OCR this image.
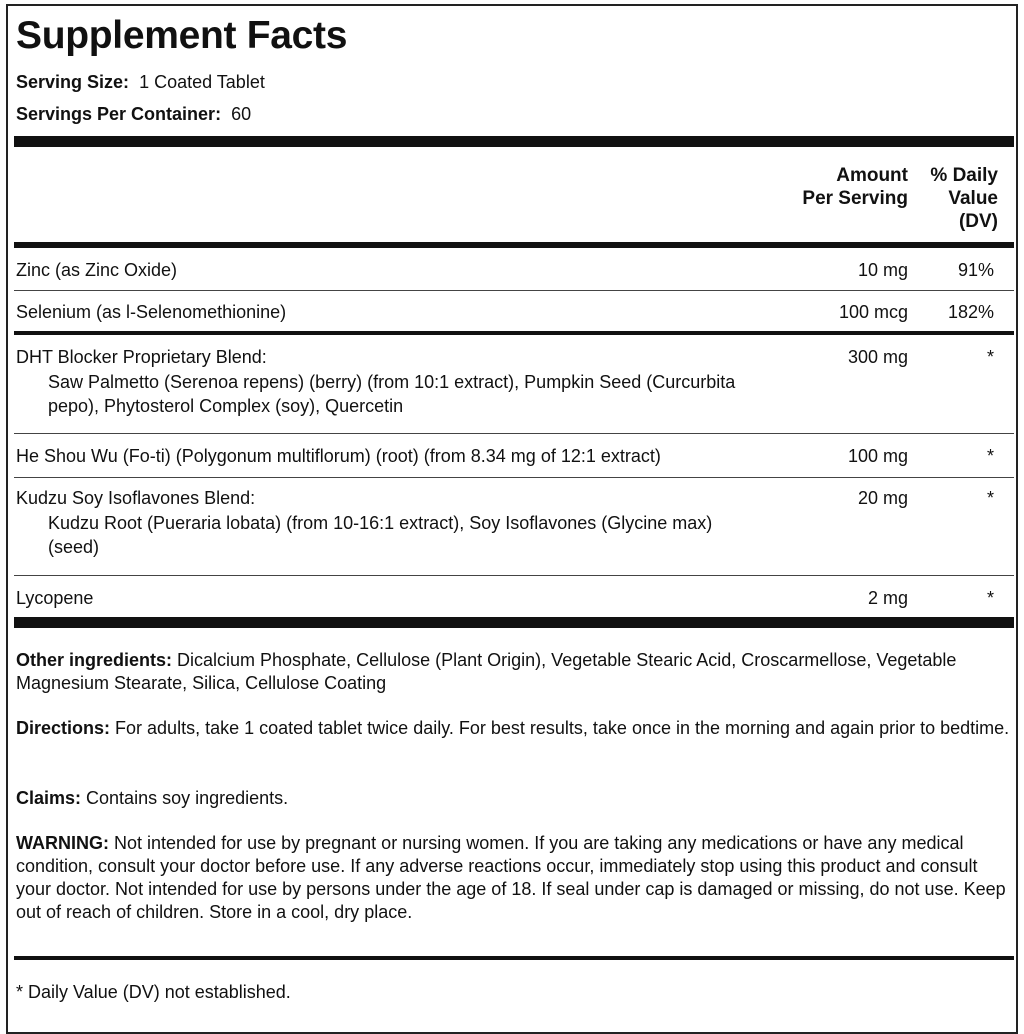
Supplement Facts
Serving Size: 1 Coated Tablet
Servings Per Container: 60
Amount
Per Serving
% Daily
Value
(DV)
Zinc (as Zinc Oxide)	10 mg	91%
Selenium (as l-Selenomethionine)	100 mcg 182%
DHT Blocker Proprietary Blend:	300 mg	*
Saw Palmetto (Serenoa repens) (berry) (from 10:1 extract), Pumpkin Seed (Curcurbita pepo), Phytosterol Complex (soy), Quercetin
He Shou Wu (Fo-ti) (Polygonum multiflorum) (root) (from 8.34 mg of 12:1 extract)	100 mg	*
Kudzu Soy Isoflavones Blend:	20 mg	*
Kudzu Root (Pueraria lobata) (from 10-16:1 extract), Soy Isoflavones (Glycine max) (seed)
Lycopene	2 mg	*
Other ingredients: Dicalcium Phosphate, Cellulose (Plant Origin), Vegetable Stearic Acid, Croscarmellose, Vegetable Magnesium Stearate, Silica, Cellulose Coating
Directions: For adults, take 1 coated tablet twice daily. For best results, take once in the morning and again prior to bedtime.
Claims: Contains soy ingredients.
WARNING: Not intended for use by pregnant or nursing women. If you are taking any medications or have any medical condition, consult your doctor before use. If any adverse reactions occur, immediately stop using this product and consult your doctor. Not intended for use by persons under the age of 18. If seal under cap is damaged or missing, do not use. Keep out of reach of children. Store in a cool, dry place.
* Daily Value (DV) not established.
